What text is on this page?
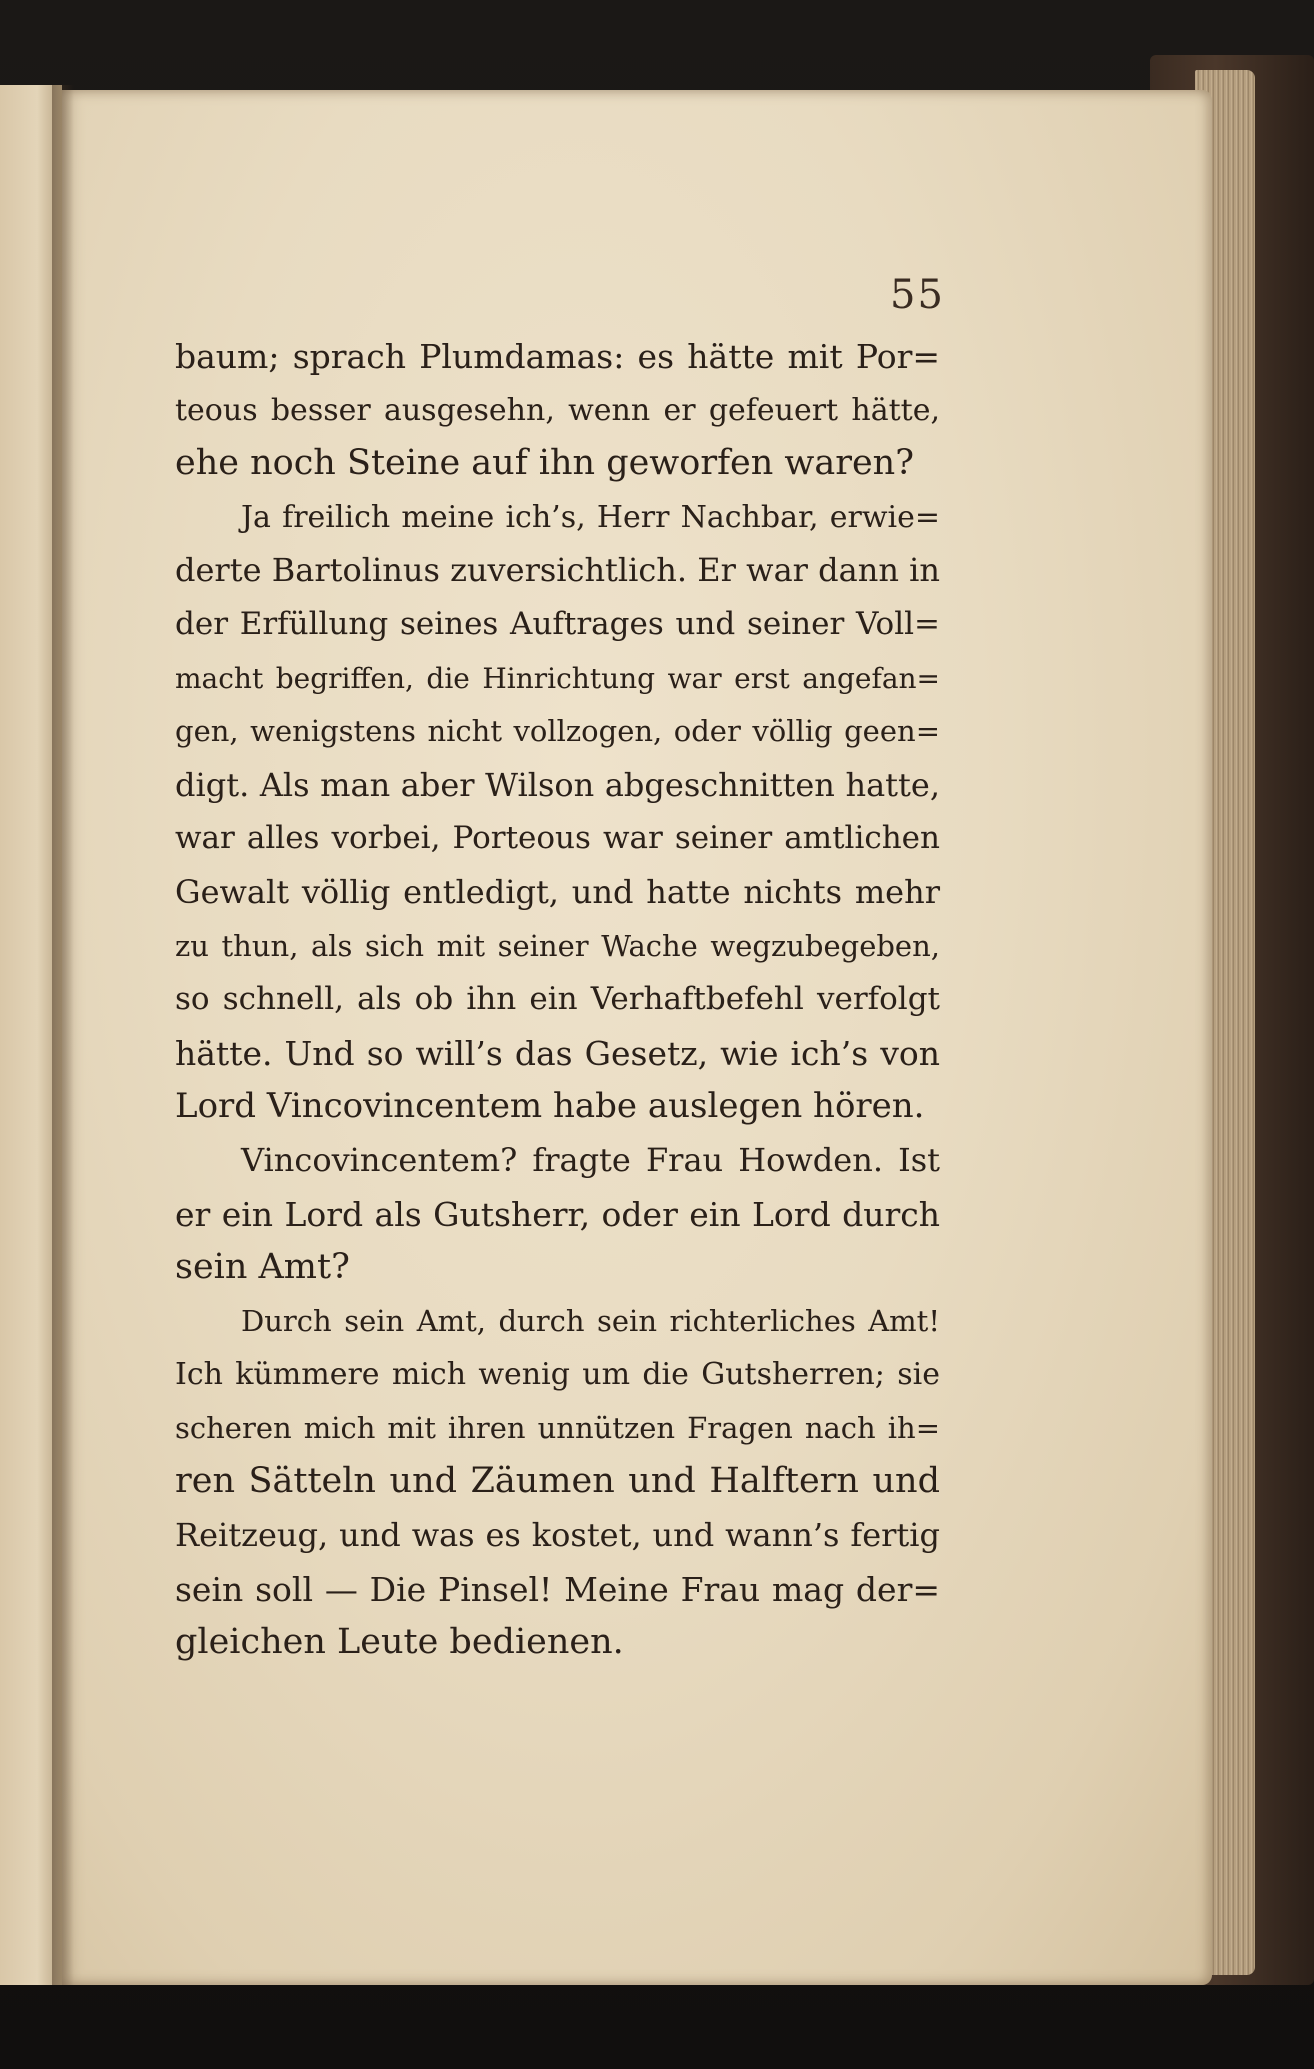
55
baum; sprach Plumdamas: es hätte mit Por=
teous besser ausgesehn, wenn er gefeuert hätte,
ehe noch Steine auf ihn geworfen waren?
Ja freilich meine ich’s, Herr Nachbar, erwie=
derte Bartolinus zuversichtlich. Er war dann in
der Erfüllung seines Auftrages und seiner Voll=
macht begriffen, die Hinrichtung war erst angefan=
gen, wenigstens nicht vollzogen, oder völlig geen=
digt. Als man aber Wilson abgeschnitten hatte,
war alles vorbei, Porteous war seiner amtlichen
Gewalt völlig entledigt, und hatte nichts mehr
zu thun, als sich mit seiner Wache wegzubegeben,
so schnell, als ob ihn ein Verhaftbefehl verfolgt
hätte. Und so will’s das Gesetz, wie ich’s von
Lord Vincovincentem habe auslegen hören.
Vincovincentem? fragte Frau Howden. Ist
er ein Lord als Gutsherr, oder ein Lord durch
sein Amt?
Durch sein Amt, durch sein richterliches Amt!
Ich kümmere mich wenig um die Gutsherren; sie
scheren mich mit ihren unnützen Fragen nach ih=
ren Sätteln und Zäumen und Halftern und
Reitzeug, und was es kostet, und wann’s fertig
sein soll — Die Pinsel! Meine Frau mag der=
gleichen Leute bedienen.
